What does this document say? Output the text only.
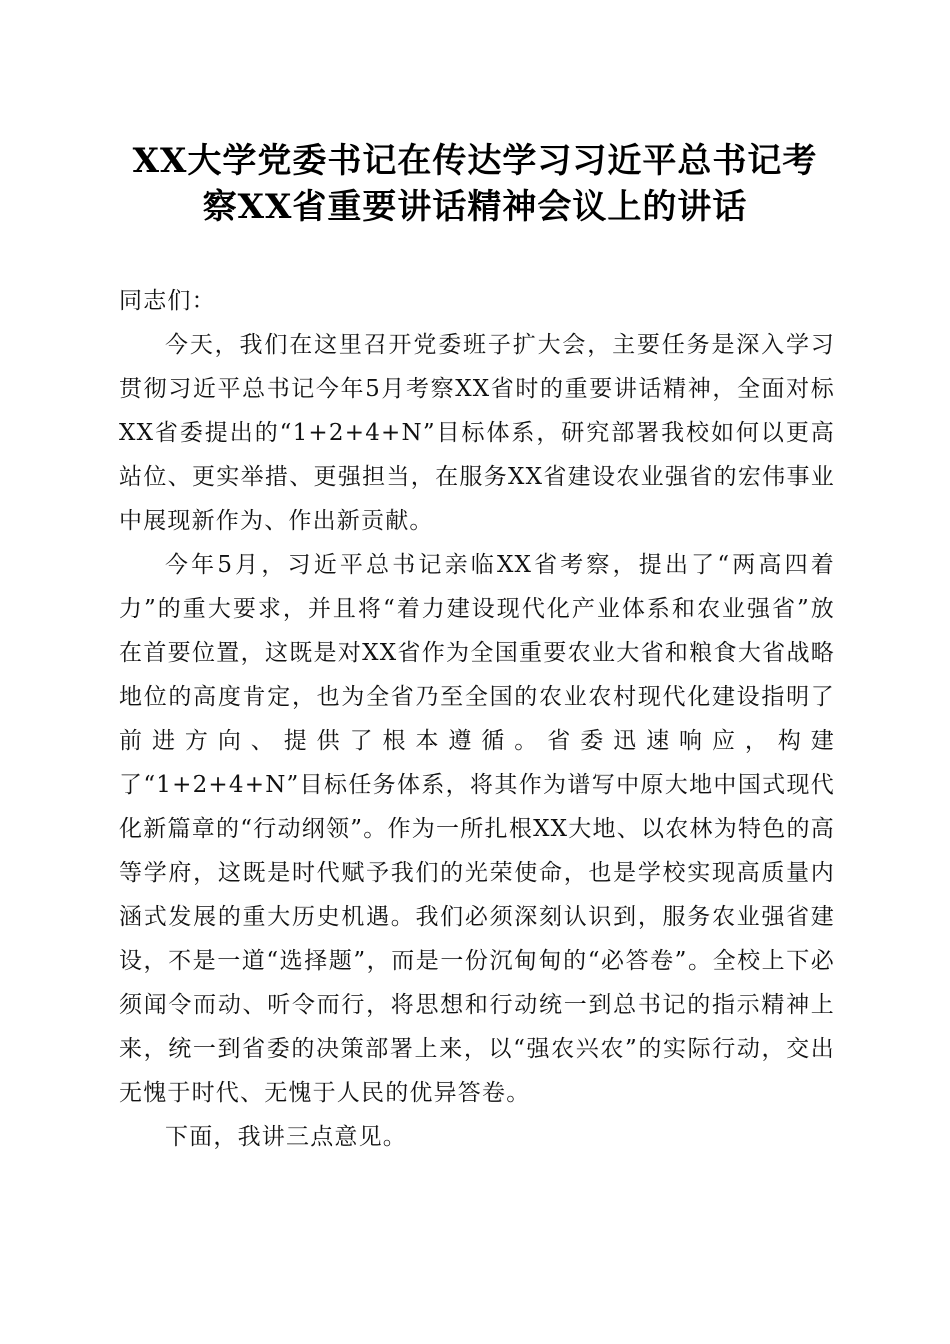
XX大学党委书记在传达学习习近平总书记考
察XX省重要讲话精神会议上的讲话

同志们：

今天，我们在这里召开党委班子扩大会，主要任务是深入学习贯彻习近平总书记今年5月考察XX省时的重要讲话精神，全面对标XX省委提出的“1+2+4+N”目标体系，研究部署我校如何以更高站位、更实举措、更强担当，在服务XX省建设农业强省的宏伟事业中展现新作为、作出新贡献。

今年5月，习近平总书记亲临XX省考察，提出了“两高四着力”的重大要求，并且将“着力建设现代化产业体系和农业强省”放在首要位置，这既是对XX省作为全国重要农业大省和粮食大省战略地位的高度肯定，也为全省乃至全国的农业农村现代化建设指明了前进方向、提供了根本遵循。省委迅速响应，构建了“1+2+4+N”目标任务体系，将其作为谱写中原大地中国式现代化新篇章的“行动纲领”。作为一所扎根XX大地、以农林为特色的高等学府，这既是时代赋予我们的光荣使命，也是学校实现高质量内涵式发展的重大历史机遇。我们必须深刻认识到，服务农业强省建设，不是一道“选择题”，而是一份沉甸甸的“必答卷”。全校上下必须闻令而动、听令而行，将思想和行动统一到总书记的指示精神上来，统一到省委的决策部署上来，以“强农兴农”的实际行动，交出无愧于时代、无愧于人民的优异答卷。

下面，我讲三点意见。
